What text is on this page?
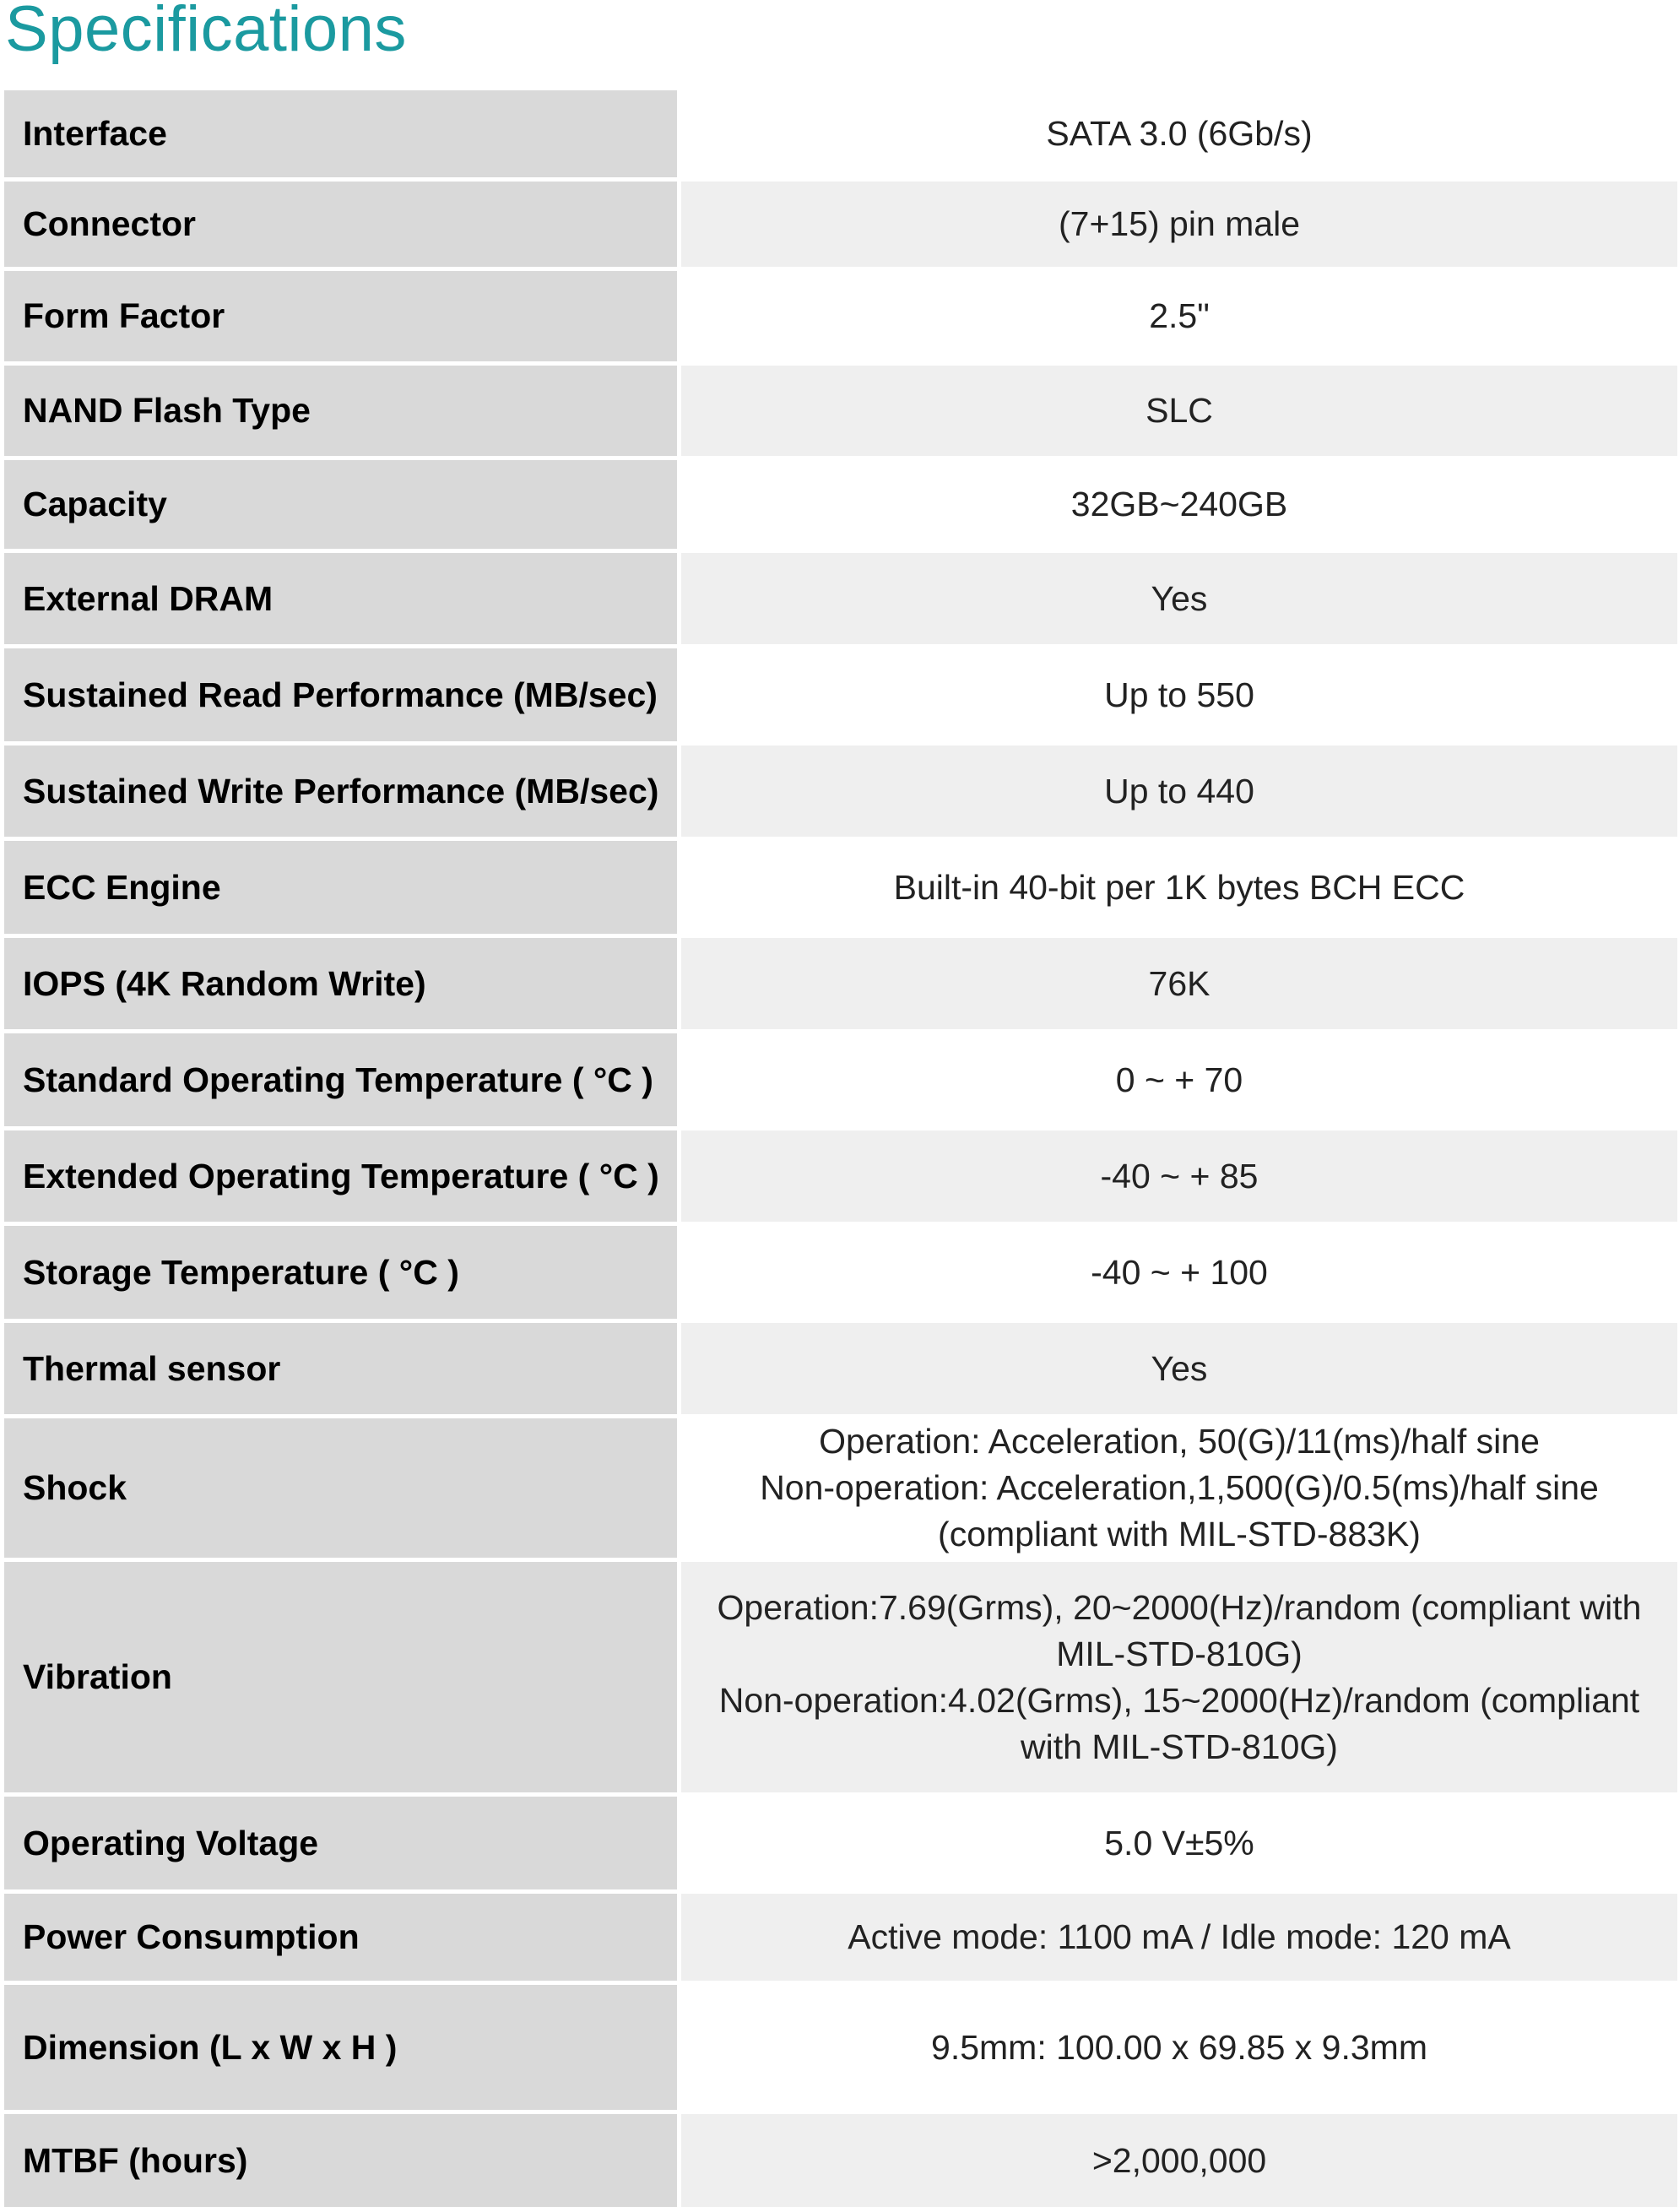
Specifications
Interface	SATA 3.0 (6Gb/s)
Connector	(7+15) pin male
Form Factor	2.5"
NAND Flash Type	SLC
Capacity	32GB~240GB
External DRAM	Yes
Sustained Read Performance (MB/sec)	Up to 550
Sustained Write Performance (MB/sec)	Up to 440
ECC Engine	Built-in 40-bit per 1K bytes BCH ECC
IOPS (4K Random Write)	76K
Standard Operating Temperature ( °C )	0 ~ + 70
Extended Operating Temperature ( °C )	-40 ~ + 85
Storage Temperature ( °C )	-40 ~ + 100
Thermal sensor	Yes
Shock	Operation: Acceleration, 50(G)/11(ms)/half sine
Non-operation: Acceleration,1,500(G)/0.5(ms)/half sine
(compliant with MIL-STD-883K)

Vibration	Operation:7.69(Grms), 20~2000(Hz)/random (compliant with
MIL-STD-810G)
Non-operation:4.02(Grms), 15~2000(Hz)/random (compliant
with MIL-STD-810G)

Operating Voltage	5.0 V±5%
Power Consumption	Active mode: 1100 mA / Idle mode: 120 mA
Dimension (L x W x H )	9.5mm: 100.00 x 69.85 x 9.3mm
MTBF (hours)	>2,000,000
